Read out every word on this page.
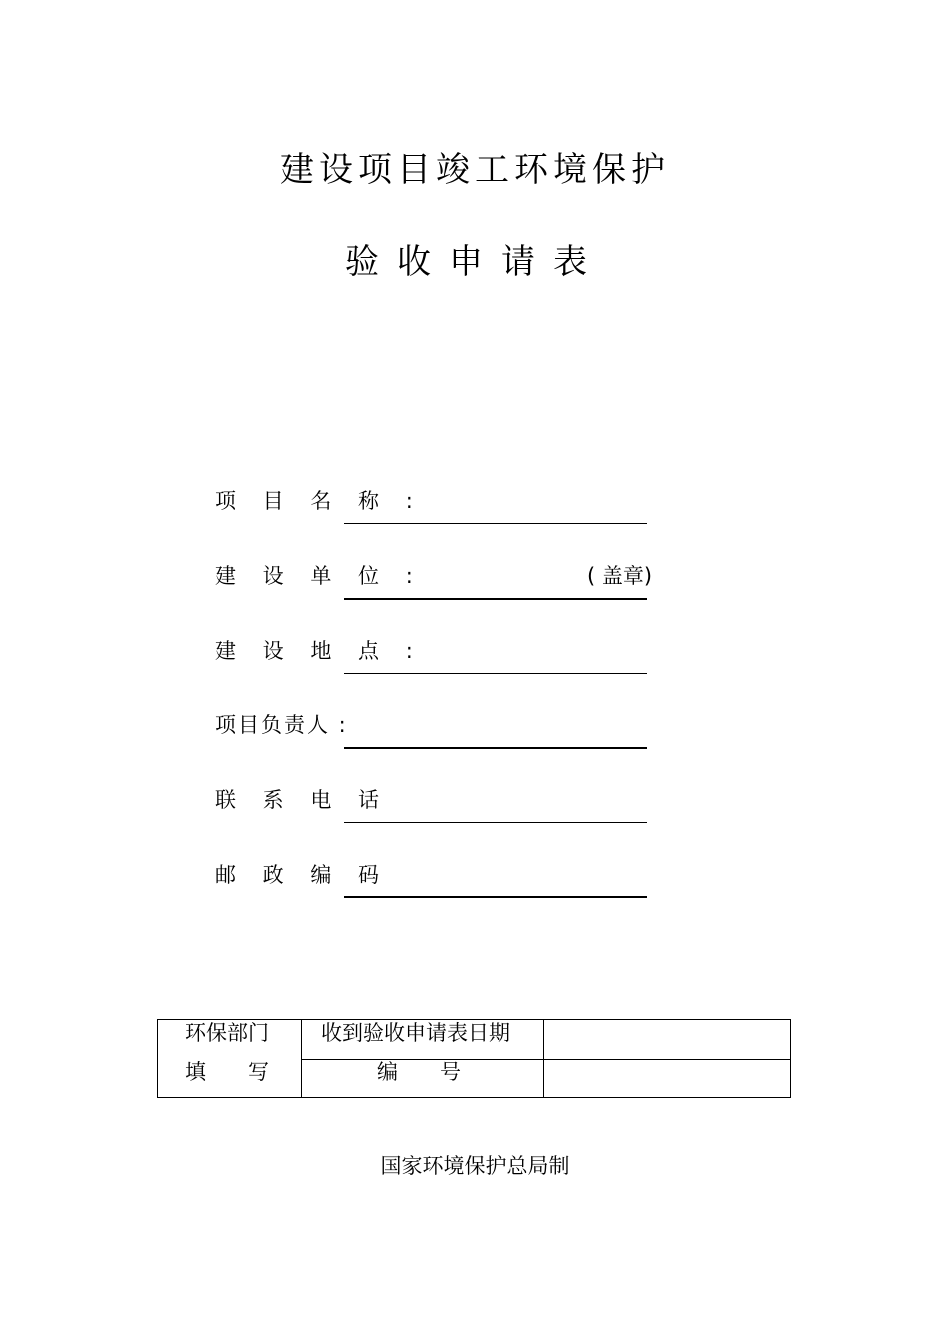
建设项目竣工环境保护
验收申请表
项 目 名 称 :
建 设 单 位 :	( 盖章)
建 设 地 点 :
项目负责人 :
联 系 电 话
邮 政 编 码
环保部门
填　　写
收到验收申请表日期
编　　号
国家环境保护总局制
